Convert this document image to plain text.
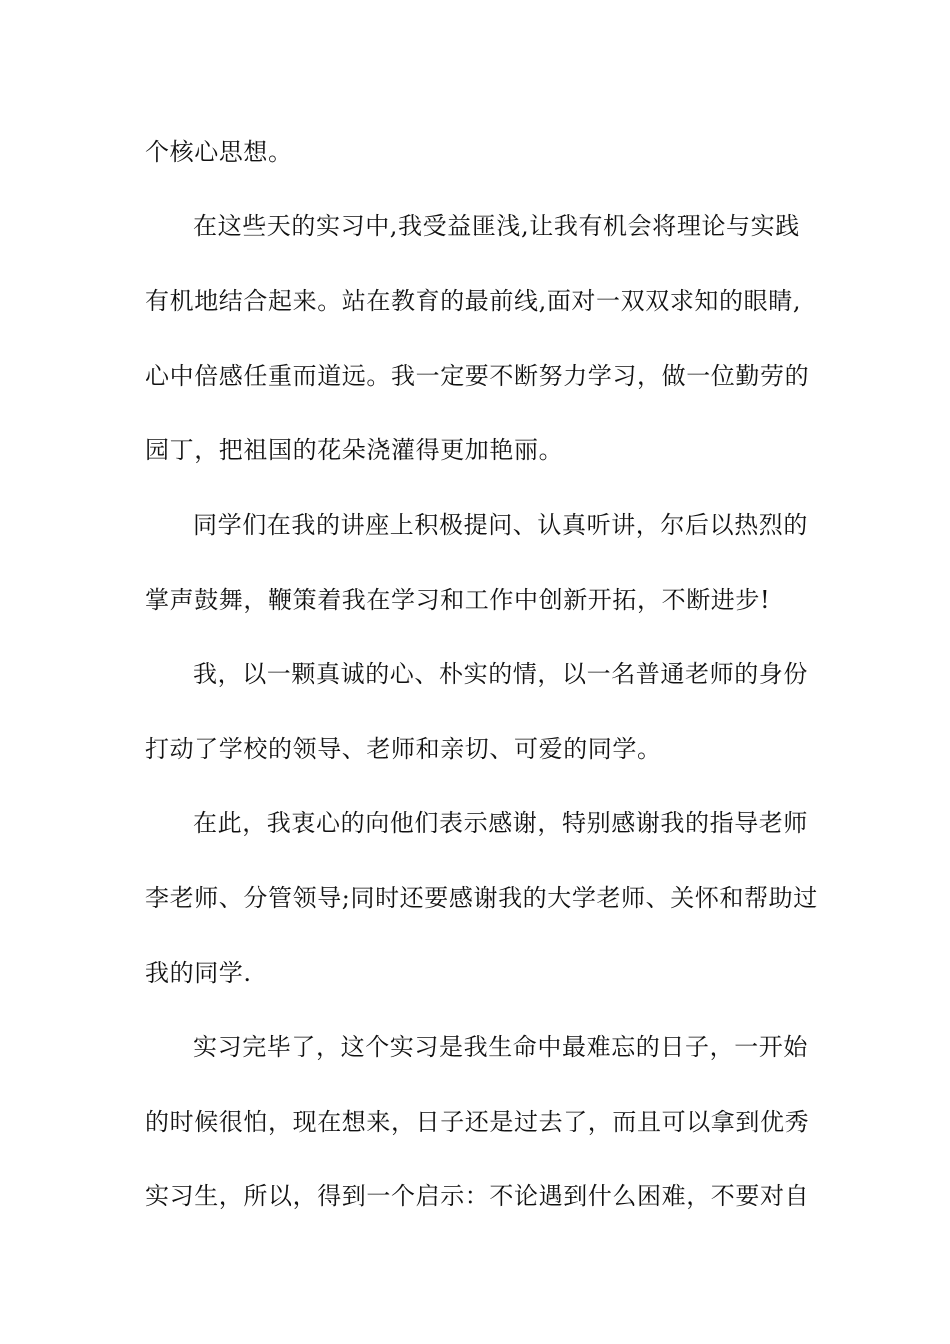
个核心思想。
在这些天的实习中,我受益匪浅,让我有机会将理论与实践
有机地结合起来。站在教育的最前线,面对一双双求知的眼睛,
心中倍感任重而道远。我一定要不断努力学习，做一位勤劳的
园丁，把祖国的花朵浇灌得更加艳丽。
同学们在我的讲座上积极提问、认真听讲，尔后以热烈的
掌声鼓舞，鞭策着我在学习和工作中创新开拓，不断进步!
我，以一颗真诚的心、朴实的情，以一名普通老师的身份
打动了学校的领导、老师和亲切、可爱的同学。
在此，我衷心的向他们表示感谢，特别感谢我的指导老师
李老师、分管领导;同时还要感谢我的大学老师、关怀和帮助过
我的同学.
实习完毕了，这个实习是我生命中最难忘的日子，一开始
的时候很怕，现在想来，日子还是过去了，而且可以拿到优秀
实习生，所以，得到一个启示：不论遇到什么困难，不要对自
